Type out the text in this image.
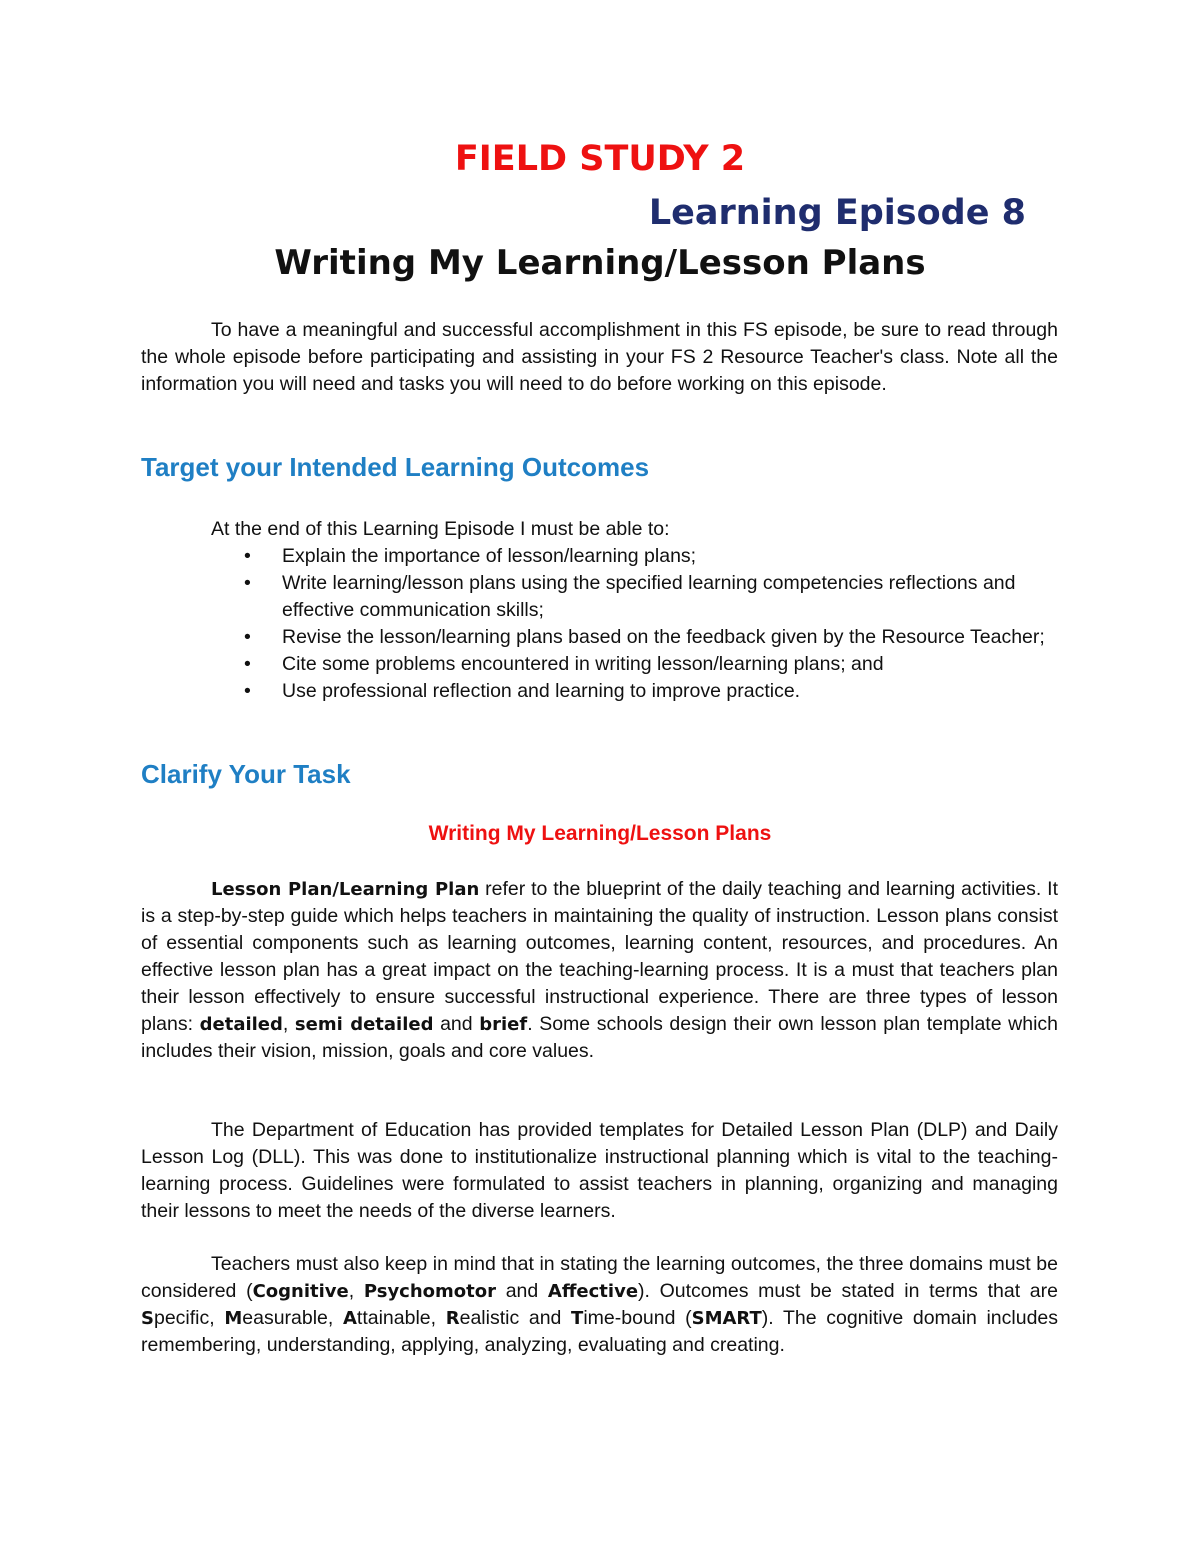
FIELD STUDY 2
Learning Episode 8
Writing My Learning/Lesson Plans

To have a meaningful and successful accomplishment in this FS episode, be sure to read through the whole episode before participating and assisting in your FS 2 Resource Teacher's class. Note all the information you will need and tasks you will need to do before working on this episode.

Target your Intended Learning Outcomes

At the end of this Learning Episode I must be able to:

• Explain the importance of lesson/learning plans;
• Write learning/lesson plans using the specified learning competencies reflections and effective communication skills;
• Revise the lesson/learning plans based on the feedback given by the Resource Teacher;
• Cite some problems encountered in writing lesson/learning plans; and
• Use professional reflection and learning to improve practice.
Clarify Your Task
Writing My Learning/Lesson Plans

Lesson Plan/Learning Plan refer to the blueprint of the daily teaching and learning activities. It is a step-by-step guide which helps teachers in maintaining the quality of instruction. Lesson plans consist of essential components such as learning outcomes, learning content, resources, and procedures. An effective lesson plan has a great impact on the teaching-learning process. It is a must that teachers plan their lesson effectively to ensure successful instructional experience. There are three types of lesson plans: detailed, semi detailed and brief. Some schools design their own lesson plan template which includes their vision, mission, goals and core values.

The Department of Education has provided templates for Detailed Lesson Plan (DLP) and Daily Lesson Log (DLL). This was done to institutionalize instructional planning which is vital to the teaching-learning process. Guidelines were formulated to assist teachers in planning, organizing and managing their lessons to meet the needs of the diverse learners.

Teachers must also keep in mind that in stating the learning outcomes, the three domains must be considered (Cognitive, Psychomotor and Affective). Outcomes must be stated in terms that are Specific, Measurable, Attainable, Realistic and Time-bound (SMART). The cognitive domain includes remembering, understanding, applying, analyzing, evaluating and creating.
